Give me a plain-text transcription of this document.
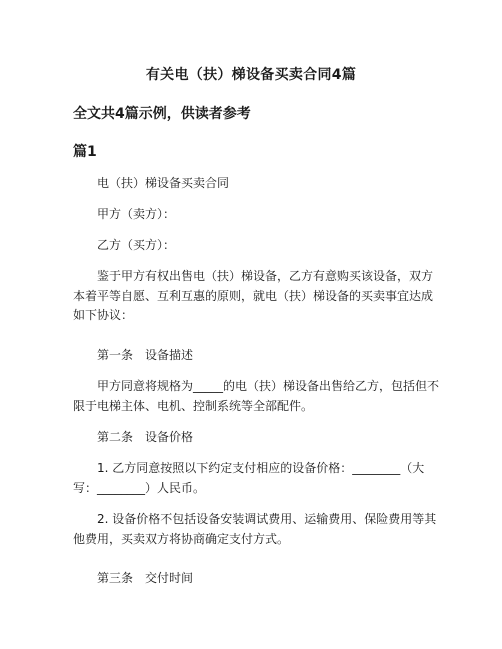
有关电（扶）梯设备买卖合同4篇
全文共4篇示例，供读者参考
篇1
电（扶）梯设备买卖合同
甲方（卖方）：
乙方（买方）：
鉴于甲方有权出售电（扶）梯设备，乙方有意购买该设备，双方本着平等自愿、互利互惠的原则，就电（扶）梯设备的买卖事宜达成如下协议：
第一条　设备描述
甲方同意将规格为_____的电（扶）梯设备出售给乙方，包括但不限于电梯主体、电机、控制系统等全部配件。
第二条　设备价格
1. 乙方同意按照以下约定支付相应的设备价格：________（大写：________）人民币。
2. 设备价格不包括设备安装调试费用、运输费用、保险费用等其他费用，买卖双方将协商确定支付方式。
第三条　交付时间
